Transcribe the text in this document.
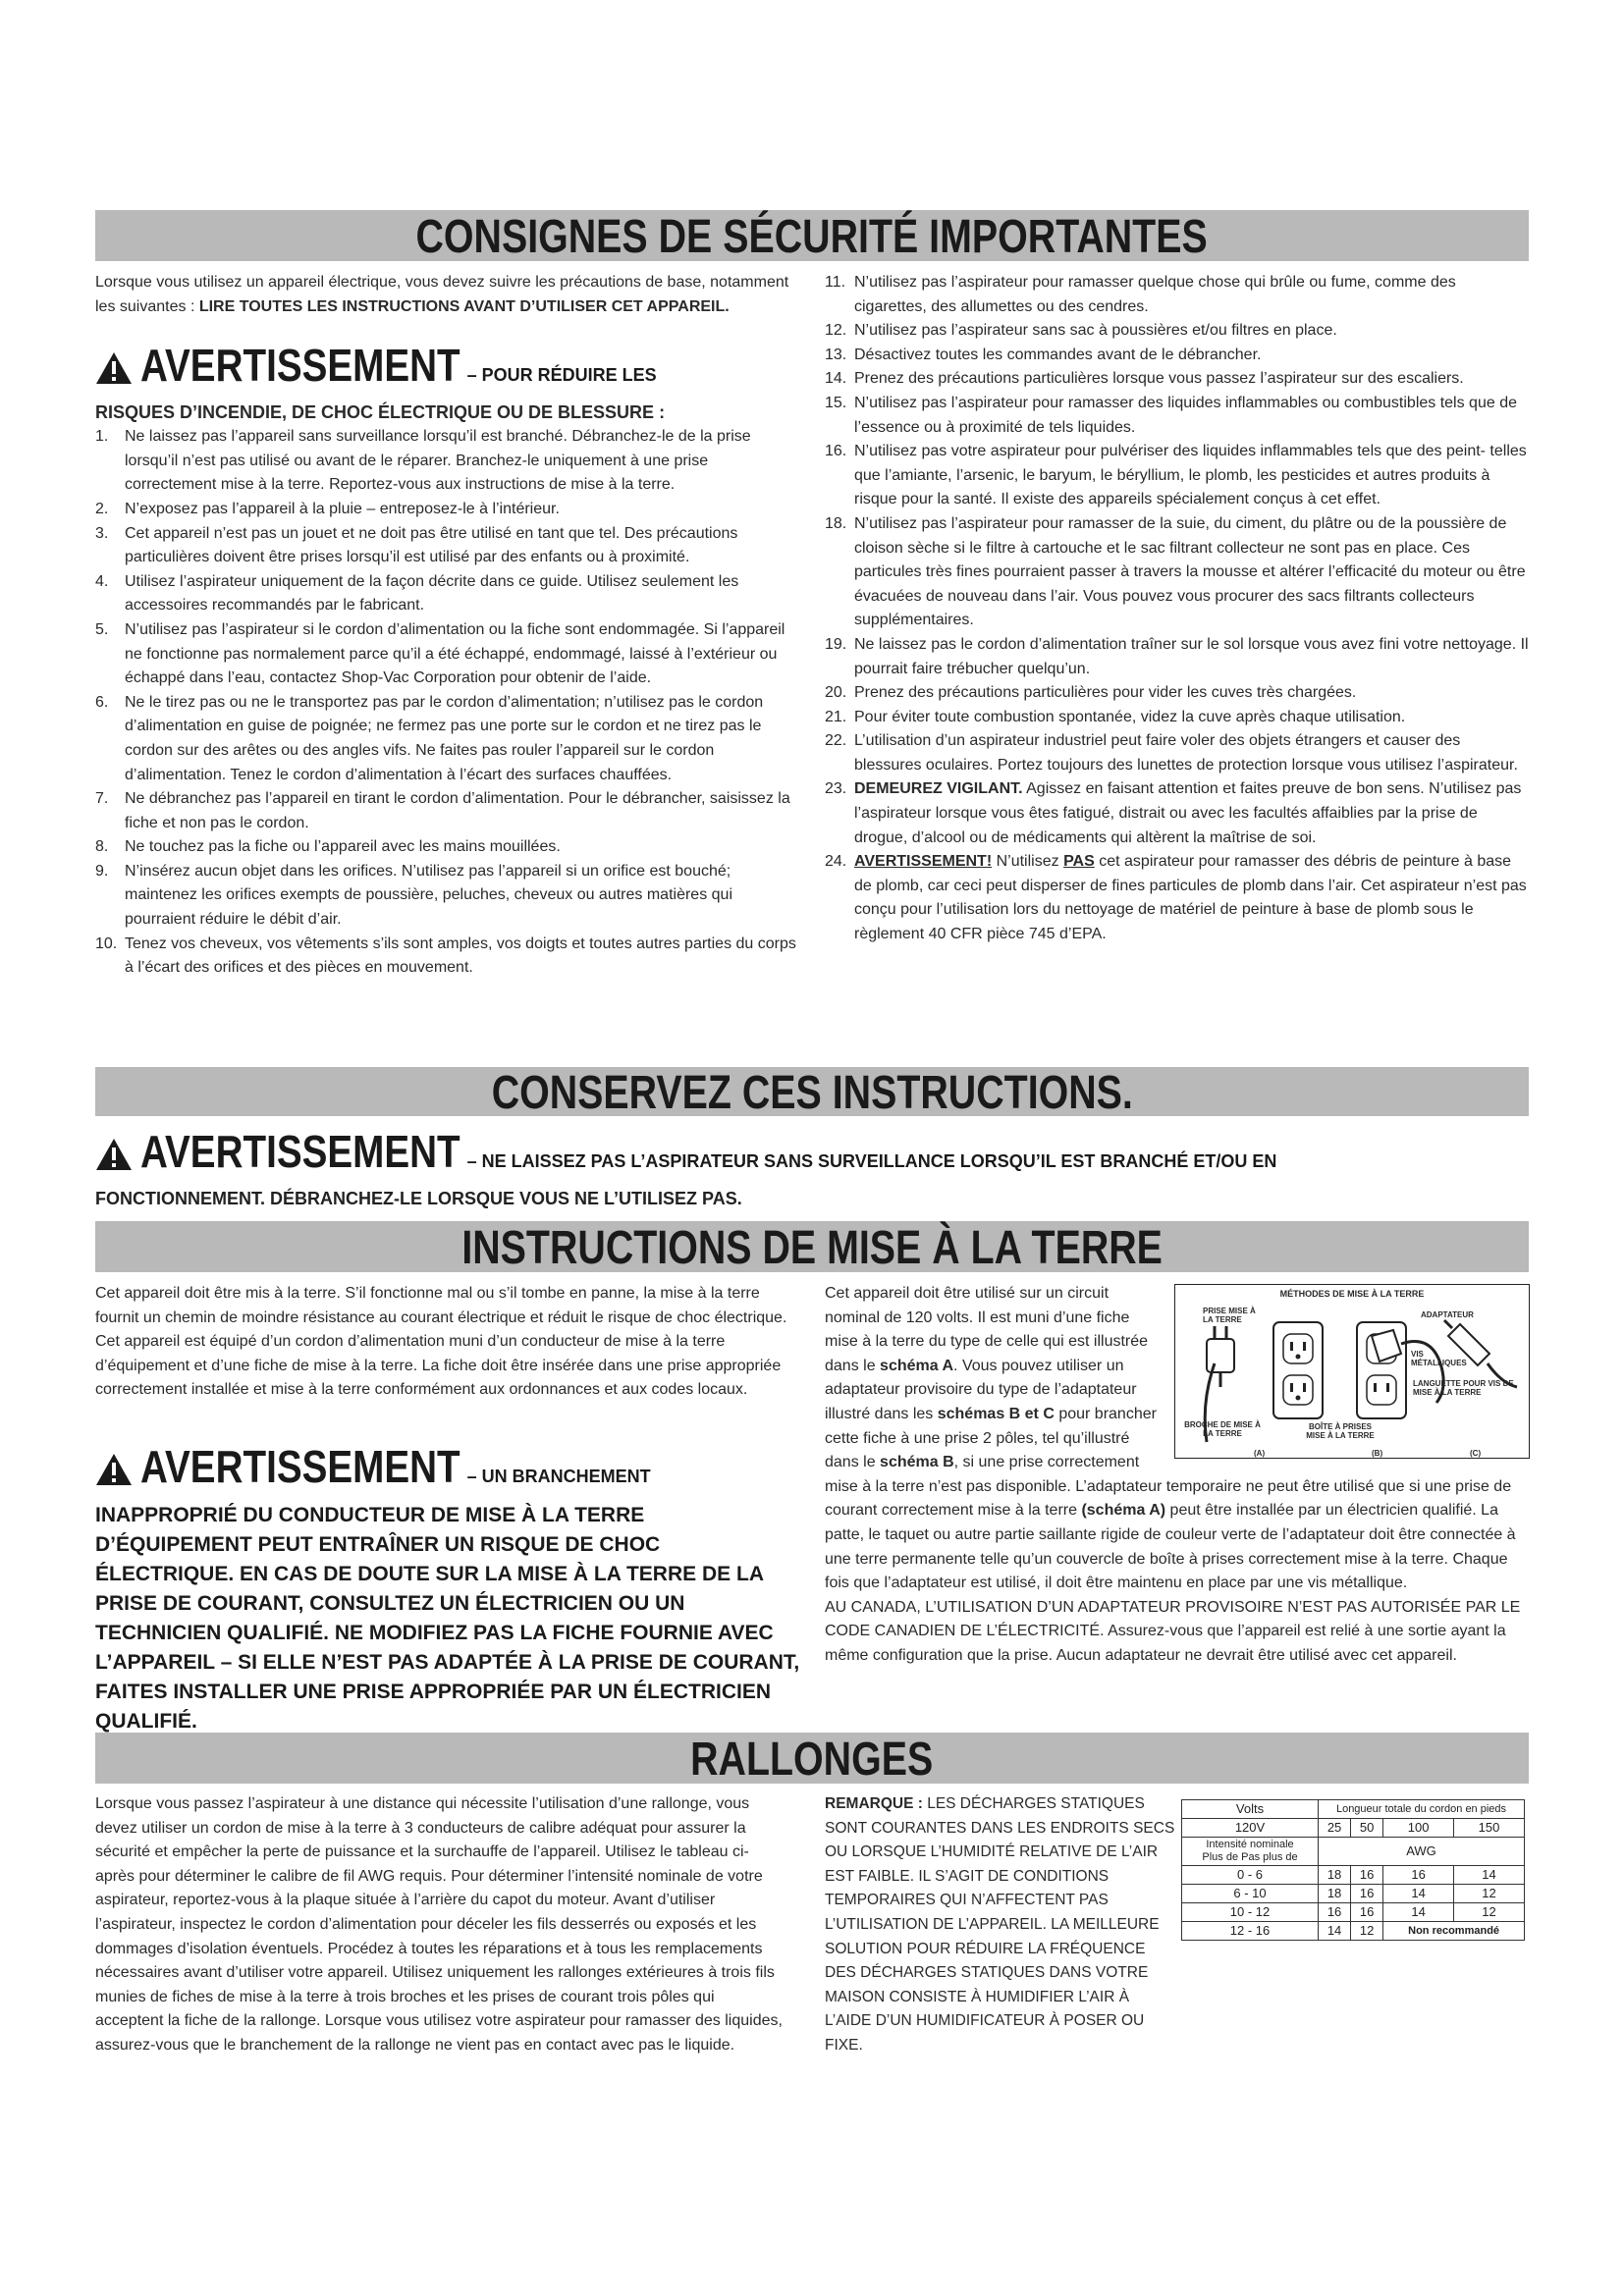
CONSIGNES DE SÉCURITÉ IMPORTANTES

Lorsque vous utilisez un appareil électrique, vous devez suivre les précautions de base, notamment les suivantes : LIRE TOUTES LES INSTRUCTIONS AVANT D’UTILISER CET APPAREIL.

AVERTISSEMENT – POUR RÉDUIRE LES
RISQUES D’INCENDIE, DE CHOC ÉLECTRIQUE OU DE BLESSURE :
1. Ne laissez pas l’appareil sans surveillance lorsqu’il est branché. Débranchez-le de la prise lorsqu’il n’est pas utilisé ou avant de le réparer. Branchez-le uniquement à une prise correctement mise à la terre. Reportez-vous aux instructions de mise à la terre.
2. N’exposez pas l’appareil à la pluie – entreposez-le à l’intérieur.
3. Cet appareil n’est pas un jouet et ne doit pas être utilisé en tant que tel. Des précautions particulières doivent être prises lorsqu’il est utilisé par des enfants ou à proximité.
4. Utilisez l’aspirateur uniquement de la façon décrite dans ce guide. Utilisez seulement les accessoires recommandés par le fabricant.
5. N’utilisez pas l’aspirateur si le cordon d’alimentation ou la fiche sont endommagée. Si l’appareil ne fonctionne pas normalement parce qu’il a été échappé, endommagé, laissé à l’extérieur ou échappé dans l’eau, contactez Shop-Vac Corporation pour obtenir de l’aide.
6. Ne le tirez pas ou ne le transportez pas par le cordon d’alimentation; n’utilisez pas le cordon d’alimentation en guise de poignée; ne fermez pas une porte sur le cordon et ne tirez pas le cordon sur des arêtes ou des angles vifs. Ne faites pas rouler l’appareil sur le cordon d’alimentation. Tenez le cordon d’alimentation à l’écart des surfaces chauffées.
7. Ne débranchez pas l’appareil en tirant le cordon d’alimentation. Pour le débrancher, saisissez la fiche et non pas le cordon.
8. Ne touchez pas la fiche ou l’appareil avec les mains mouillées.
9. N’insérez aucun objet dans les orifices. N’utilisez pas l’appareil si un orifice est bouché; maintenez les orifices exempts de poussière, peluches, cheveux ou autres matières qui pourraient réduire le débit d’air.
10. Tenez vos cheveux, vos vêtements s’ils sont amples, vos doigts et toutes autres parties du corps à l’écart des orifices et des pièces en mouvement.
11. N’utilisez pas l’aspirateur pour ramasser quelque chose qui brûle ou fume, comme des cigarettes, des allumettes ou des cendres.
12. N’utilisez pas l’aspirateur sans sac à poussières et/ou filtres en place.
13. Désactivez toutes les commandes avant de le débrancher.
14. Prenez des précautions particulières lorsque vous passez l’aspirateur sur des escaliers.
15. N’utilisez pas l’aspirateur pour ramasser des liquides inflammables ou combustibles tels que de l’essence ou à proximité de tels liquides.
16. N’utilisez pas votre aspirateur pour pulvériser des liquides inflammables tels que des peint- telles que l’amiante, l’arsenic, le baryum, le béryllium, le plomb, les pesticides et autres produits à risque pour la santé. Il existe des appareils spécialement conçus à cet effet.
18. N’utilisez pas l’aspirateur pour ramasser de la suie, du ciment, du plâtre ou de la poussière de cloison sèche si le filtre à cartouche et le sac filtrant collecteur ne sont pas en place. Ces particules très fines pourraient passer à travers la mousse et altérer l’efficacité du moteur ou être évacuées de nouveau dans l’air. Vous pouvez vous procurer des sacs filtrants collecteurs supplémentaires.
19. Ne laissez pas le cordon d’alimentation traîner sur le sol lorsque vous avez fini votre nettoyage. Il pourrait faire trébucher quelqu’un.
20. Prenez des précautions particulières pour vider les cuves très chargées.
21. Pour éviter toute combustion spontanée, videz la cuve après chaque utilisation.
22. L’utilisation d’un aspirateur industriel peut faire voler des objets étrangers et causer des blessures oculaires. Portez toujours des lunettes de protection lorsque vous utilisez l’aspirateur.
23. DEMEUREZ VIGILANT. Agissez en faisant attention et faites preuve de bon sens. N’utilisez pas l’aspirateur lorsque vous êtes fatigué, distrait ou avec les facultés affaiblies par la prise de drogue, d’alcool ou de médicaments qui altèrent la maîtrise de soi.
24. AVERTISSEMENT! N’utilisez PAS cet aspirateur pour ramasser des débris de peinture à base de plomb, car ceci peut disperser de fines particules de plomb dans l’air. Cet aspirateur n’est pas conçu pour l’utilisation lors du nettoyage de matériel de peinture à base de plomb sous le règlement 40 CFR pièce 745 d’EPA.
CONSERVEZ CES INSTRUCTIONS.
AVERTISSEMENT – NE LAISSEZ PAS L’ASPIRATEUR SANS SURVEILLANCE LORSQU’IL EST BRANCHÉ ET/OU EN
FONCTIONNEMENT. DÉBRANCHEZ-LE LORSQUE VOUS NE L’UTILISEZ PAS.
INSTRUCTIONS DE MISE À LA TERRE

Cet appareil doit être mis à la terre. S’il fonctionne mal ou s’il tombe en panne, la mise à la terre fournit un chemin de moindre résistance au courant électrique et réduit le risque de choc électrique. Cet appareil est équipé d’un cordon d’alimentation muni d’un conducteur de mise à la terre d’équipement et d’une fiche de mise à la terre. La fiche doit être insérée dans une prise appropriée correctement installée et mise à la terre conformément aux ordonnances et aux codes locaux.

AVERTISSEMENT – UN BRANCHEMENT
INAPPROPRIÉ DU CONDUCTEUR DE MISE À LA TERRE D’ÉQUIPEMENT PEUT ENTRAÎNER UN RISQUE DE CHOC ÉLECTRIQUE. EN CAS DE DOUTE SUR LA MISE À LA TERRE DE LA PRISE DE COURANT, CONSULTEZ UN ÉLECTRICIEN OU UN TECHNICIEN QUALIFIÉ. NE MODIFIEZ PAS LA FICHE FOURNIE AVEC L’APPAREIL – SI ELLE N’EST PAS ADAPTÉE À LA PRISE DE COURANT, FAITES INSTALLER UNE PRISE APPROPRIÉE PAR UN ÉLECTRICIEN QUALIFIÉ.
MÉTHODES DE MISE À LA TERRE
PRISE MISE À LA TERRE
ADAPTATEUR
VIS MÉTALLIQUES
LANGUETTE POUR VIS DE MISE À LA TERRE
BROCHE DE MISE À LA TERRE
BOÎTE À PRISES MISE À LA TERRE
(A)	(B)	(C)

Cet appareil doit être utilisé sur un circuit nominal de 120 volts. Il est muni d’une fiche mise à la terre du type de celle qui est illustrée dans le schéma A. Vous pouvez utiliser un adaptateur provisoire du type de l’adaptateur illustré dans les schémas B et C pour brancher cette fiche à une prise 2 pôles, tel qu’illustré dans le schéma B, si une prise correctement mise à la terre n’est pas disponible. L’adaptateur temporaire ne peut être utilisé que si une prise de courant correctement mise à la terre (schéma A) peut être installée par un électricien qualifié. La patte, le taquet ou autre partie saillante rigide de couleur verte de l’adaptateur doit être connectée à une terre permanente telle qu’un couvercle de boîte à prises correctement mise à la terre. Chaque fois que l’adaptateur est utilisé, il doit être maintenu en place par une vis métallique.

AU CANADA, L’UTILISATION D’UN ADAPTATEUR PROVISOIRE N’EST PAS AUTORISÉE PAR LE CODE CANADIEN DE L’ÉLECTRICITÉ. Assurez-vous que l’appareil est relié à une sortie ayant la même configuration que la prise. Aucun adaptateur ne devrait être utilisé avec cet appareil.

RALLONGES

Lorsque vous passez l’aspirateur à une distance qui nécessite l’utilisation d’une rallonge, vous devez utiliser un cordon de mise à la terre à 3 conducteurs de calibre adéquat pour assurer la sécurité et empêcher la perte de puissance et la surchauffe de l’appareil. Utilisez le tableau ci-après pour déterminer le calibre de fil AWG requis. Pour déterminer l’intensité nominale de votre aspirateur, reportez-vous à la plaque située à l’arrière du capot du moteur. Avant d’utiliser l’aspirateur, inspectez le cordon d’alimentation pour déceler les fils desserrés ou exposés et les dommages d’isolation éventuels. Procédez à toutes les réparations et à tous les remplacements nécessaires avant d’utiliser votre appareil. Utilisez uniquement les rallonges extérieures à trois fils munies de fiches de mise à la terre à trois broches et les prises de courant trois pôles qui acceptent la fiche de la rallonge. Lorsque vous utilisez votre aspirateur pour ramasser des liquides, assurez-vous que le branchement de la rallonge ne vient pas en contact avec pas le liquide.

REMARQUE : LES DÉCHARGES STATIQUES SONT COURANTES DANS LES ENDROITS SECS OU LORSQUE L’HUMIDITÉ RELATIVE DE L’AIR EST FAIBLE. IL S’AGIT DE CONDITIONS TEMPORAIRES QUI N’AFFECTENT PAS L’UTILISATION DE L’APPAREIL. LA MEILLEURE SOLUTION POUR RÉDUIRE LA FRÉQUENCE DES DÉCHARGES STATIQUES DANS VOTRE MAISON CONSISTE À HUMIDIFIER L’AIR À L’AIDE D’UN HUMIDIFICATEUR À POSER OU FIXE.

Volts	Longueur totale du cordon en pieds			
120V	25	50	100	150
Intensité nominale
Plus de Pas plus de	AWG			
0 - 6	18	16	16	14
6 - 10	18	16	14	12
10 - 12	16	16	14	12
12 - 16	14	12	Non recommandé	
